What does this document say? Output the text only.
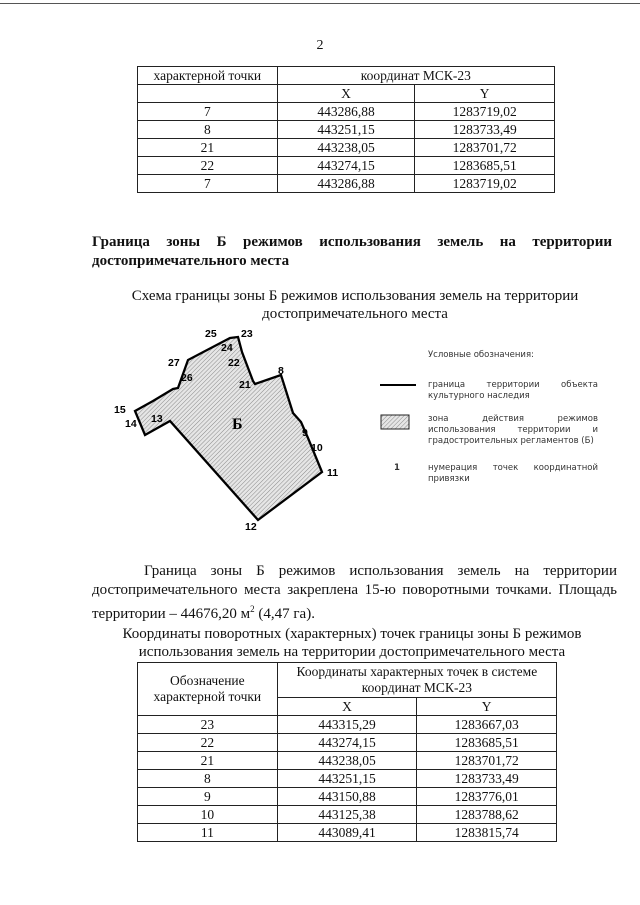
2
характерной точки	координат МСК-23	
	X	Y
7	443286,88	1283719,02
8	443251,15	1283733,49
21	443238,05	1283701,72
22	443274,15	1283685,51
7	443286,88	1283719,02
Граница зоны Б режимов использования земель на территории достопримечательного места
Схема границы зоны Б режимов использования земель на территории достопримечательного места
25 23
24
22
27
26
21
8
15
14 13
9
10
11
12
Б
Условные обозначения:
граница территории объекта культурного наследия
зона действия режимов использования территории и градостроительных регламентов (Б)
1	нумерация точек координатной привязки
Граница зоны Б режимов использования земель на территории достопримечательного места закреплена 15-ю поворотными точками. Площадь территории – 44676,20 $м^2$ (4,47 га).
Координаты поворотных (характерных) точек границы зоны Б режимов использования земель на территории достопримечательного места
Обозначение характерной точки	Координаты характерных точек в системе координат МСК-23	
	X	Y
23	443315,29	1283667,03
22	443274,15	1283685,51
21	443238,05	1283701,72
8	443251,15	1283733,49
9	443150,88	1283776,01
10	443125,38	1283788,62
11	443089,41	1283815,74
